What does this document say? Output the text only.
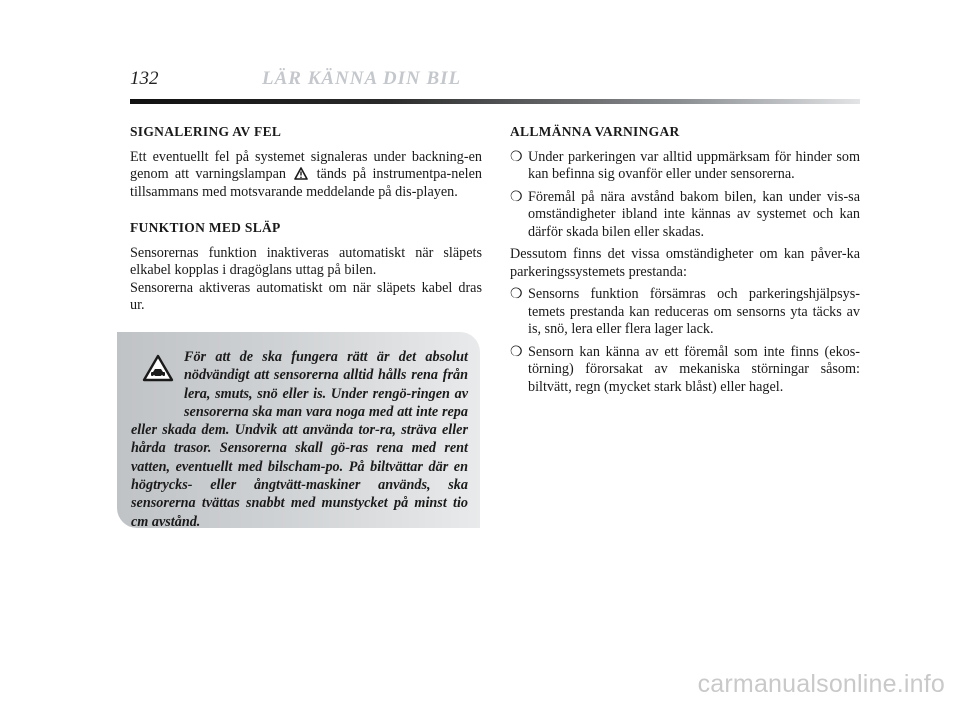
132	LÄR KÄNNA DIN BIL
SIGNALERING AV FEL

Ett eventuellt fel på systemet signaleras under backning-en genom att varningslampan tänds på instrumentpa-nelen tillsammans med motsvarande meddelande på dis-playen.

FUNKTION MED SLÄP

Sensorernas funktion inaktiveras automatiskt när släpets elkabel kopplas i dragöglans uttag på bilen.

Sensorerna aktiveras automatiskt om när släpets kabel dras ur.

För att de ska fungera rätt är det absolut nödvändigt att sensorerna alltid hålls rena från lera, smuts, snö eller is. Under rengö-ringen av sensorerna ska man vara noga med att inte repa eller skada dem. Undvik att använda tor-ra, sträva eller hårda trasor. Sensorerna skall gö-ras rena med rent vatten, eventuellt med bilscham-po. På biltvättar där en högtrycks- eller ångtvätt-maskiner används, ska sensorerna tvättas snabbt med munstycket på minst tio cm avstånd.
ALLMÄNNA VARNINGAR
❍ Under parkeringen var alltid uppmärksam för hinder som kan befinna sig ovanför eller under sensorerna.
❍ Föremål på nära avstånd bakom bilen, kan under vis-sa omständigheter ibland inte kännas av systemet och kan därför skada bilen eller skadas.

Dessutom finns det vissa omständigheter om kan påver-ka parkeringssystemets prestanda:

❍ Sensorns funktion försämras och parkeringshjälpsys-temets prestanda kan reduceras om sensorns yta täcks av is, snö, lera eller flera lager lack.
❍ Sensorn kan känna av ett föremål som inte finns (ekos-törning) förorsakat av mekaniska störningar såsom: biltvätt, regn (mycket stark blåst) eller hagel.
carmanualsonline.info
